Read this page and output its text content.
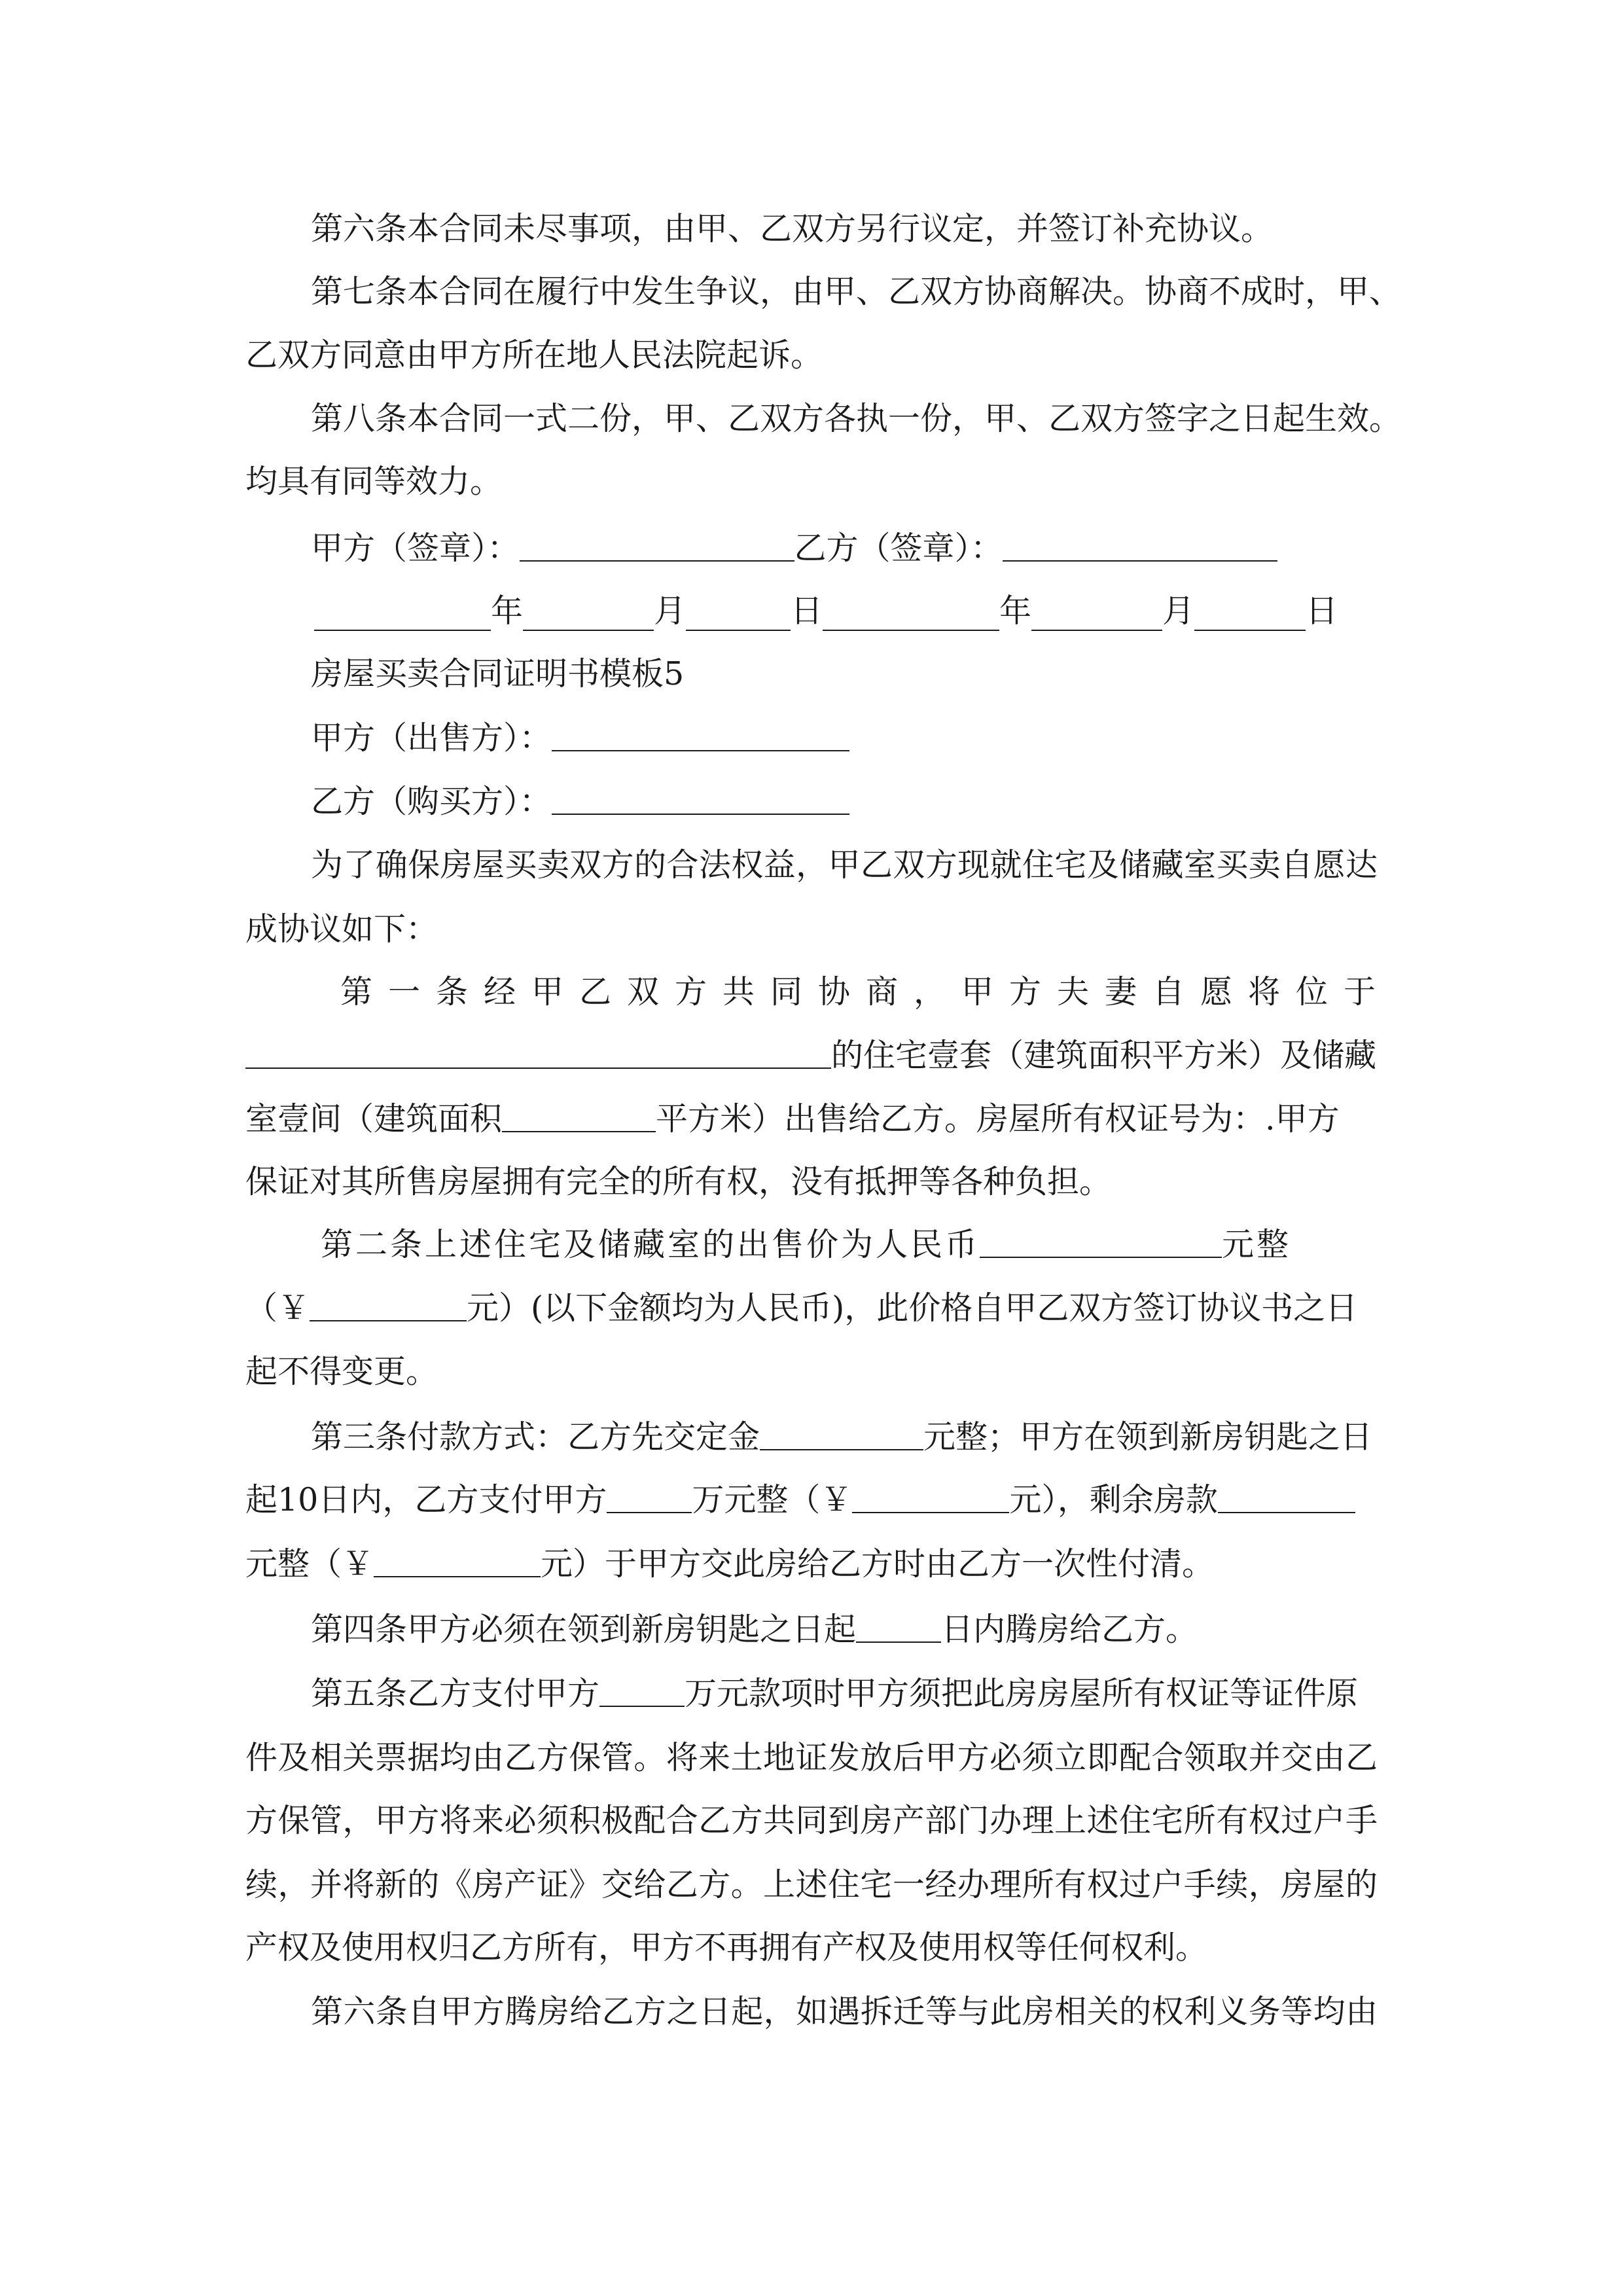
第六条本合同未尽事项，由甲、乙双方另行议定，并签订补充协议。
第七条本合同在履行中发生争议，由甲、乙双方协商解决。协商不成时，甲、
乙双方同意由甲方所在地人民法院起诉。
第八条本合同一式二份，甲、乙双方各执一份，甲、乙双方签字之日起生效。
均具有同等效力。
甲方（签章）：	乙方（签章）：
年	月	日	年	月	日
房屋买卖合同证明书模板5
甲方（出售方）：
乙方（购买方）：
为了确保房屋买卖双方的合法权益，甲乙双方现就住宅及储藏室买卖自愿达
成协议如下：
第一条经甲乙双方共同协商，甲方夫妻自愿将位于
的住宅壹套（建筑面积平方米）及储藏
室壹间（建筑面积	平方米）出售给乙方。房屋所有权证号为：.甲方
保证对其所售房屋拥有完全的所有权，没有抵押等各种负担。
第二条上述住宅及储藏室的出售价为人民币	元整
（￥	元）(以下金额均为人民币)，此价格自甲乙双方签订协议书之日
起不得变更。
第三条付款方式：乙方先交定金	元整；甲方在领到新房钥匙之日
起10日内，乙方支付甲方	万元整（￥	元），剩余房款
元整（￥	元）于甲方交此房给乙方时由乙方一次性付清。
第四条甲方必须在领到新房钥匙之日起	日内腾房给乙方。
第五条乙方支付甲方	万元款项时甲方须把此房房屋所有权证等证件原
件及相关票据均由乙方保管。将来土地证发放后甲方必须立即配合领取并交由乙
方保管，甲方将来必须积极配合乙方共同到房产部门办理上述住宅所有权过户手
续，并将新的《房产证》交给乙方。上述住宅一经办理所有权过户手续，房屋的
产权及使用权归乙方所有，甲方不再拥有产权及使用权等任何权利。
第六条自甲方腾房给乙方之日起，如遇拆迁等与此房相关的权利义务等均由
